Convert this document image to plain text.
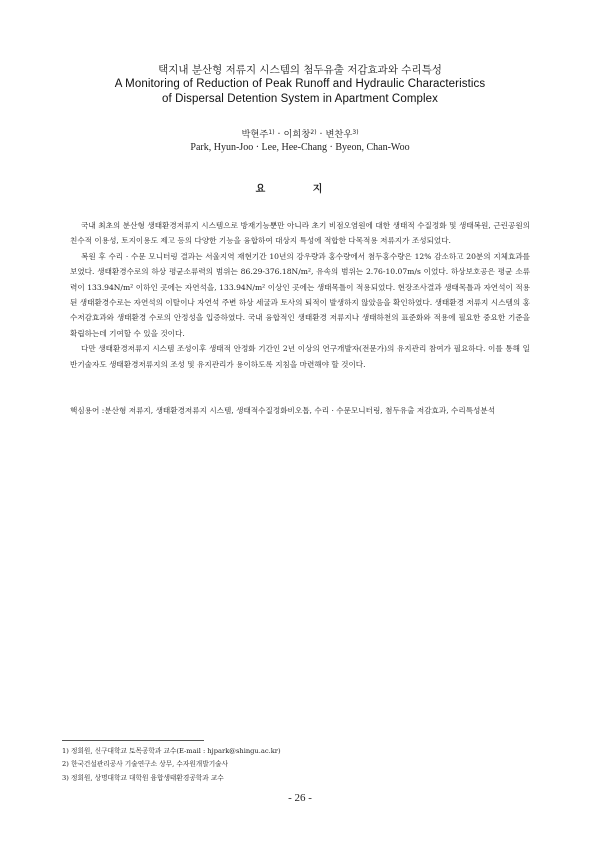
택지내 분산형 저류지 시스템의 첨두유출 저감효과와 수리특성
A Monitoring of Reduction of Peak Runoff and Hydraulic Characteristics
of Dispersal Detention System in Apartment Complex
박현주$^{1)}$ · 이희창$^{2)}$ · 변찬우$^{3)}$
Park, Hyun-Joo · Lee, Hee-Chang · Byeon, Chan-Woo
요 지

국내 최초의 분산형 생태환경저류지 시스템으로 방재기능뿐만 아니라 초기 비점오염원에 대한 생태적 수질정화 및 생태복원, 근린공원의 친수적 이용성, 토지이용도 제고 등의 다양한 기능을 융합하여 대상지 특성에 적합한 다목적용 저류지가 조성되었다.

복원 후 수리 · 수문 모니터링 결과는 서울지역 재현기간 10년의 강우량과 홍수량에서 첨두홍수량은 12% 감소하고 20분의 지체효과를 보였다. 생태환경수로의 하상 평균소류력의 범위는 86.29-376.18N/m², 유속의 범위는 2.76-10.07m/s 이었다. 하상보호공은 평균 소류력이 133.94N/m² 이하인 곳에는 자연석을, 133.94N/m² 이상인 곳에는 생태목틀이 적용되었다. 현장조사결과 생태목틀과 자연석이 적용된 생태환경수로는 자연석의 이탈이나 자연석 주변 하상 세굴과 토사의 퇴적이 발생하지 않았음을 확인하였다. 생태환경 저류지 시스템의 홍수저감효과와 생태환경 수로의 안정성을 입증하였다. 국내 융합적인 생태환경 저류지나 생태하천의 표준화와 적용에 필요한 중요한 기준을 확립하는데 기여할 수 있을 것이다.

다만 생태환경저류지 시스템 조성이후 생태적 안정화 기간인 2년 이상의 연구개발자(전문가)의 유지관리 참여가 필요하다. 이를 통해 일반기술자도 생태환경저류지의 조성 및 유지관리가 용이하도록 지침을 마련해야 할 것이다.

핵심용어 : 분산형 저류지, 생태환경저류지 시스템, 생태적수질정화비오톱, 수리 · 수문모니터링, 첨두유출 저감효과, 수리특성분석
1) 정회원, 신구대학교 토목공학과 교수(E-mail : hjpark@shingu.ac.kr)
2) 한국건설관리공사 기술연구소 상무, 수자원개발기술사
3) 정회원, 상명대학교 대학원 융합생태환경공학과 교수
- 26 -
